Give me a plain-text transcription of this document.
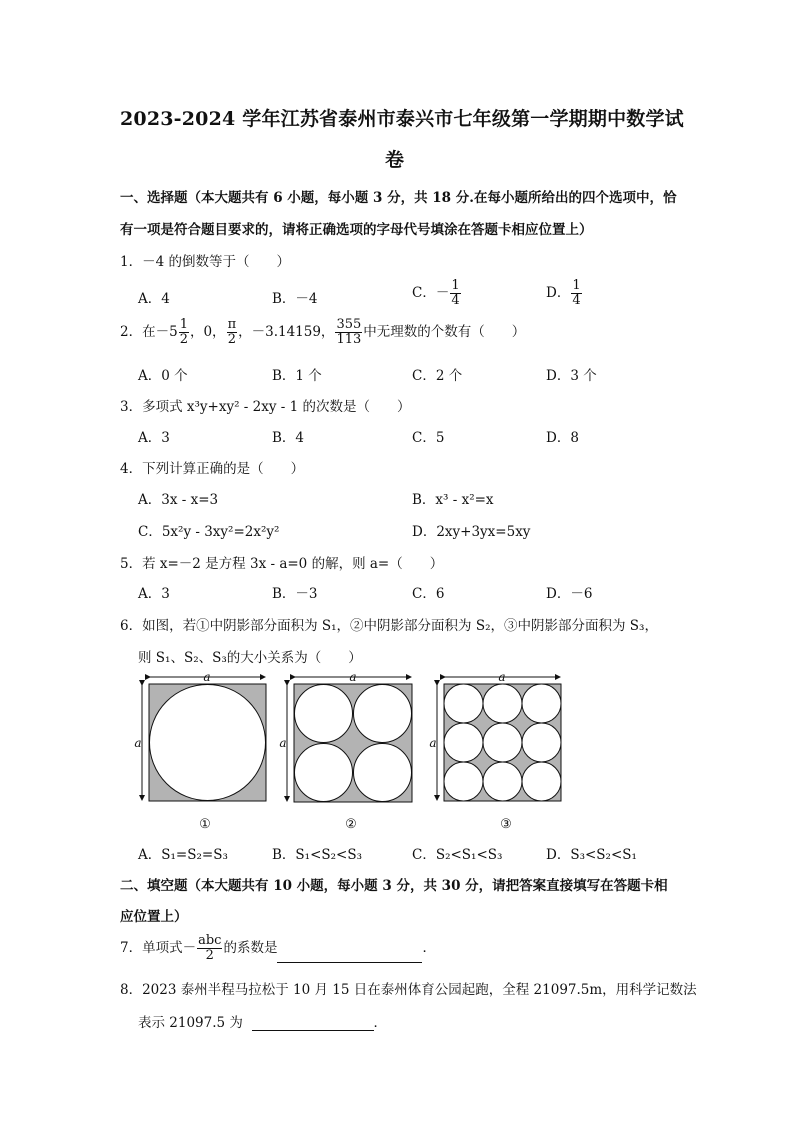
2023-2024 学年江苏省泰州市泰兴市七年级第一学期期中数学试
卷
一、选择题（本大题共有 6 小题，每小题 3 分，共 18 分.在每小题所给出的四个选项中，恰
有一项是符合题目要求的，请将正确选项的字母代号填涂在答题卡相应位置上）
1．－4 的倒数等于（　　）
A．4	B．－4	C．－ $\frac{1}{4}$	D． $\frac{1}{4}$
2．在$-5 \frac{1}{2}$ ，0， $\frac{\pi}{2}$ ，－3.14159， $\frac{355}{113}$ 中无理数的个数有（　　）
A．0 个	B．1 个	C．2 个	D．3 个
3．多项式 x³y+xy² - 2xy - 1 的次数是（　　）
A．3	B．4	C．5	D．8
4．下列计算正确的是（　　）
A．3x - x=3	B．x³ - x²=x
C．5x²y - 3xy²=2x²y²	D．2xy+3yx=5xy
5．若 x=－2 是方程 3x - a=0 的解，则 a=（　　）
A．3	B．－3	C．6	D．－6
6．如图，若①中阴影部分面积为 S₁，②中阴影部分面积为 S₂，③中阴影部分面积为 S₃，
则 S₁、S₂、S₃的大小关系为（　　）
a
a
①
a
a
②
a
a
③
A．S₁=S₂=S₃	B．S₁<S₂<S₃	C．S₂<S₁<S₃	D．S₃<S₂<S₁
二、填空题（本大题共有 10 小题，每小题 3 分，共 30 分，请把答案直接填写在答题卡相
应位置上）
7．单项式－ $\frac{\text{abc}}{2}$ 的系数是	．
8．2023 泰州半程马拉松于 10 月 15 日在泰州体育公园起跑，全程 21097.5m，用科学记数法
表示 21097.5 为	．
